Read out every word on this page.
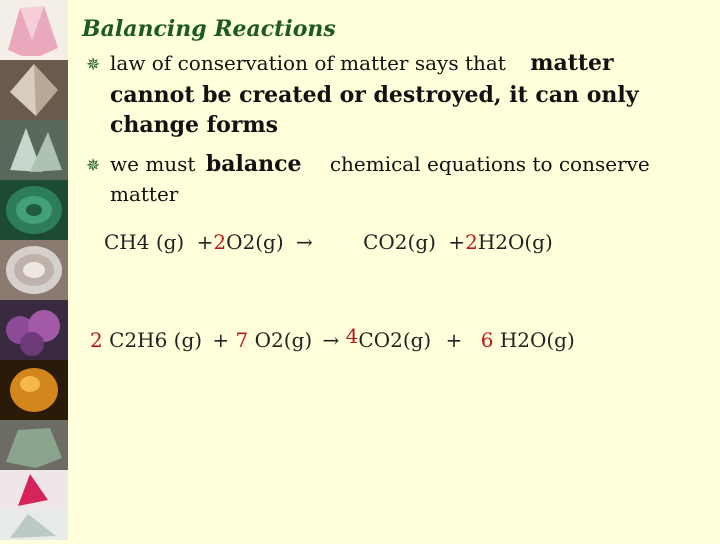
Balancing Reactions
✵ law of conservation of matter says that matter
cannot be created or destroyed, it can only
change forms
✵ we must balance chemical equations to conserve
matter
CH4 (g) +2O2(g) →	CO2(g) +2H2O(g)
2 C2H6 (g) + 7 O2(g) → 4CO2(g) + 6 H2O(g)
